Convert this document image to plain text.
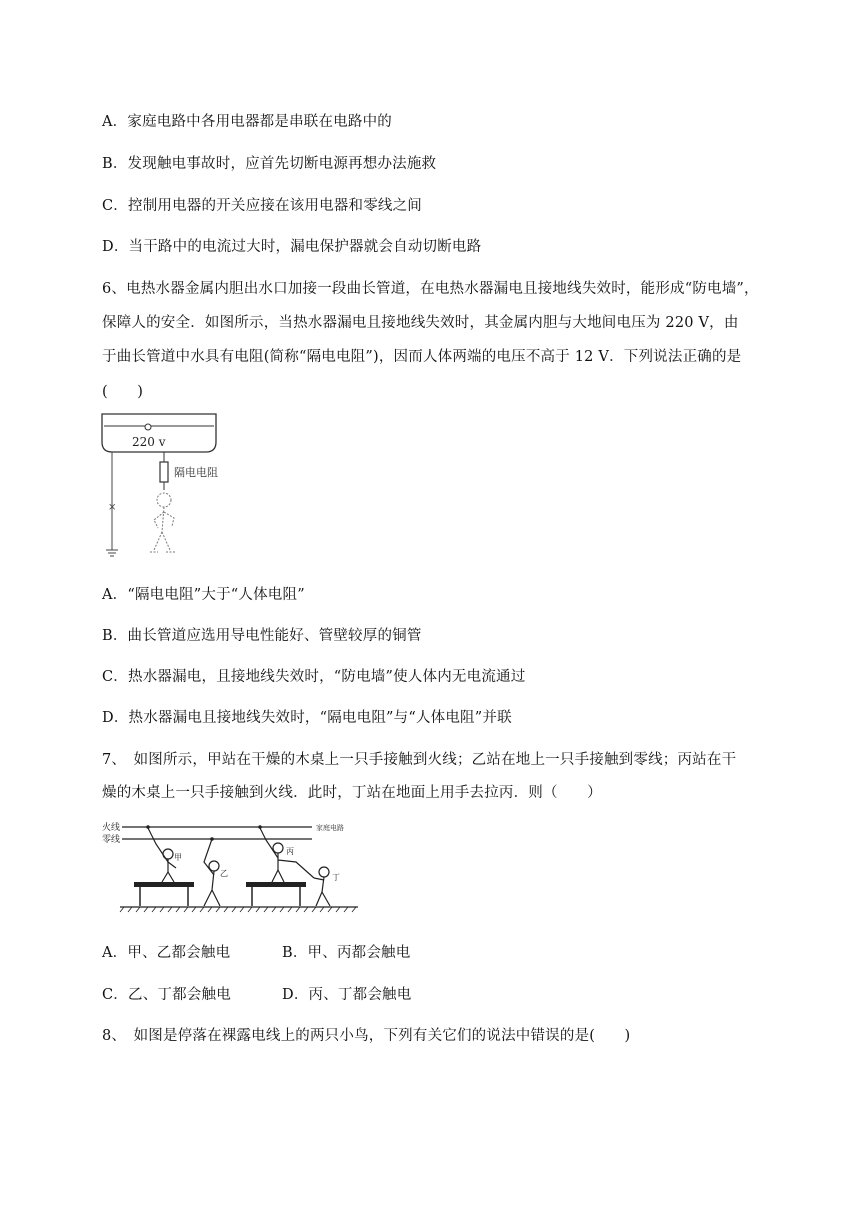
A．家庭电路中各用电器都是串联在电路中的
B．发现触电事故时，应首先切断电源再想办法施救
C．控制用电器的开关应接在该用电器和零线之间
D．当干路中的电流过大时，漏电保护器就会自动切断电路
6、电热水器金属内胆出水口加接一段曲长管道，在电热水器漏电且接地线失效时，能形成“防电墙”，
保障人的安全．如图所示，当热水器漏电且接地线失效时，其金属内胆与大地间电压为 220 V，由
于曲长管道中水具有电阻(简称“隔电电阻”)，因而人体两端的电压不高于 12 V．下列说法正确的是
(　　)
220 v
×
隔电电阻
A．“隔电电阻”大于“人体电阻”
B．曲长管道应选用导电性能好、管壁较厚的铜管
C．热水器漏电，且接地线失效时，“防电墙”使人体内无电流通过
D．热水器漏电且接地线失效时，“隔电电阻”与“人体电阻”并联
7、　如图所示，甲站在干燥的木桌上一只手接触到火线；乙站在地上一只手接触到零线；丙站在干
燥的木桌上一只手接触到火线．此时，丁站在地面上用手去拉丙．则（　　）
火线
零线
家庭电路
甲
乙
丙
丁
A．甲、乙都会触电	B．甲、丙都会触电
C．乙、丁都会触电	D．丙、丁都会触电
8、　如图是停落在裸露电线上的两只小鸟，下列有关它们的说法中错误的是(　　)
